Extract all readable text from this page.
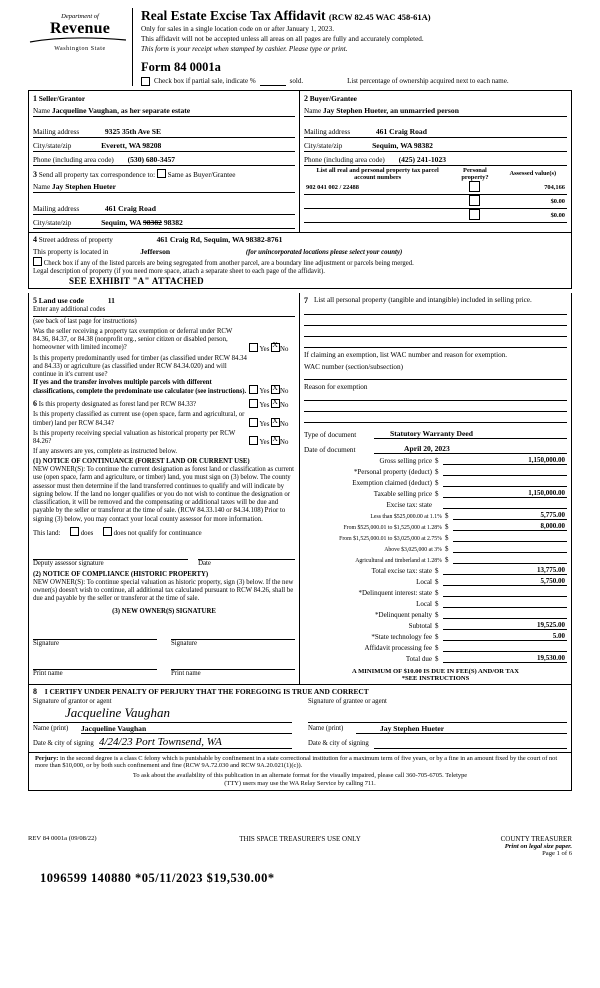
Department of
Revenue
Washington State
Real Estate Excise Tax Affidavit (RCW 82.45 WAC 458-61A)
Only for sales in a single location code on or after January 1, 2023.
This affidavit will not be accepted unless all areas on all pages are fully and accurately completed.
This form is your receipt when stamped by cashier. Please type or print.
Form 84 0001a
Check box if partial sale, indicate %
	sold.	List percentage of ownership acquired next to each name.
1 Seller/Grantor
Name Jacqueline Vaughan, as her separate estate
Mailing address	9325 35th Ave SE
City/state/zip	Everett, WA 98208
Phone (including area code) (530) 680-3457
3 Send all property tax correspondence to: Same as Buyer/Grantee
Name Jay Stephen Hueter
Mailing address	461 Craig Road
City/state/zip	Sequim, WA 98382 98382
2 Buyer/Grantee
Name Jay Stephen Hueter, an unmarried person
Mailing address	461 Craig Road
City/state/zip	Sequim, WA 98382
Phone (including area code) (425) 241-1023
List all real and personal property tax parcel account numbers	Personal property?	Assessed value(s)
902 041 002 / 22488		704,166
		$0.00
		$0.00
4 Street address of property	461 Craig Rd, Sequim, WA 98382-8761
This property is located in	Jefferson	(for unincorporated locations please select your county)
Check box if any of the listed parcels are being segregated from another parcel, are a boundary line adjustment or parcels being merged.
Legal description of property (if you need more space, attach a separate sheet to each page of the affidavit).
SEE EXHIBIT "A" ATTACHED
5 Land use code	11
Enter any additional codes
(see back of last page for instructions)
Was the seller receiving a property tax exemption or deferral under RCW 84.36, 84.37, or 84.38 (nonprofit org., senior citizen or disabled person, homeowner with limited income)?	Yes X No
Is this property predominantly used for timber (as classified under RCW 84.34 and 84.33) or agriculture (as classified under RCW 84.34.020) and will continue in it's current use?
If yes and the transfer involves multiple parcels with different classifications, complete the predominate use calculator (see instructions).	Yes X No
6 Is this property designated as forest land per RCW 84.33?	Yes X No
Is this property classified as current use (open space, farm and agricultural, or timber) land per RCW 84.34?	Yes X No
Is this property receiving special valuation as historical property per RCW 84.26?	Yes X No
If any answers are yes, complete as instructed below.
(1) NOTICE OF CONTINUANCE (FOREST LAND OR CURRENT USE)
NEW OWNER(S): To continue the current designation as forest land or classification as current use (open space, farm and agriculture, or timber) land, you must sign on (3) below. The county assessor must then determine if the land transferred continues to qualify and will indicate by signing below. If the land no longer qualifies or you do not wish to continue the designation or classification, it will be removed and the compensating or additional taxes will be due and payable by the seller or transferor at the time of sale. (RCW 84.33.140 or 84.34.108) Prior to signing (3) below, you may contact your local county assessor for more information.
This land:	does	does not qualify for continuance
Deputy assessor signature	Date
(2) NOTICE OF COMPLIANCE (HISTORIC PROPERTY)
NEW OWNER(S): To continue special valuation as historic property, sign (3) below. If the new owner(s) doesn't wish to continue, all additional tax calculated pursuant to RCW 84.26, shall be due and payable by the seller or transferor at the time of sale.
(3) NEW OWNER(S) SIGNATURE
Signature	Signature
Print name	Print name
7 List all personal property (tangible and intangible) included in selling price.
If claiming an exemption, list WAC number and reason for exemption.
WAC number (section/subsection)
Reason for exemption
Type of document	Statutory Warranty Deed
Date of document	April 20, 2023
Gross selling price $	1,150,000.00
*Personal property (deduct) $

Exemption claimed (deduct) $

Taxable selling price $	1,150,000.00
Excise tax: state

Less than $525,000.00 at 1.1% $	5,775.00
From $525,000.01 to $1,525,000 at 1.28% $	8,000.00
From $1,525,000.01 to $3,025,000 at 2.75% $

Above $3,025,000 at 3% $

Agricultural and timberland at 1.28% $

Total excise tax: state $	13,775.00
Local $	5,750.00
*Delinquent interest: state $

Local $

*Delinquent penalty $

Subtotal $	19,525.00
*State technology fee $	5.00
Affidavit processing fee $

Total due $	19,530.00
A MINIMUM OF $10.00 IS DUE IN FEE(S) AND/OR TAX
*SEE INSTRUCTIONS
8 I CERTIFY UNDER PENALTY OF PERJURY THAT THE FOREGOING IS TRUE AND CORRECT
Signature of grantor or agent
Jacqueline Vaughan
Signature of grantee or agent
Name (print)	Jacqueline Vaughan	Name (print)	Jay Stephen Hueter
Date & city of signing 4/24/23 Port Townsend, WA	Date & city of signing

Perjury: in the second degree is a class C felony which is punishable by confinement in a state correctional institution for a maximum term of five years, or by a fine in an amount fixed by the court of not more than $10,000, or by both such confinement and fine (RCW 9A.72.030 and RCW 9A.20.021(1)(c)).
To ask about the availability of this publication in an alternate format for the visually impaired, please call 360-705-6705. Teletype
(TTY) users may use the WA Relay Service by calling 711.
REV 84 0001a (09/08/22)	THIS SPACE TREASURER'S USE ONLY	COUNTY TREASURER
Print on legal size paper.
Page 1 of 6
1096599 140880 *05/11/2023 $19,530.00*
